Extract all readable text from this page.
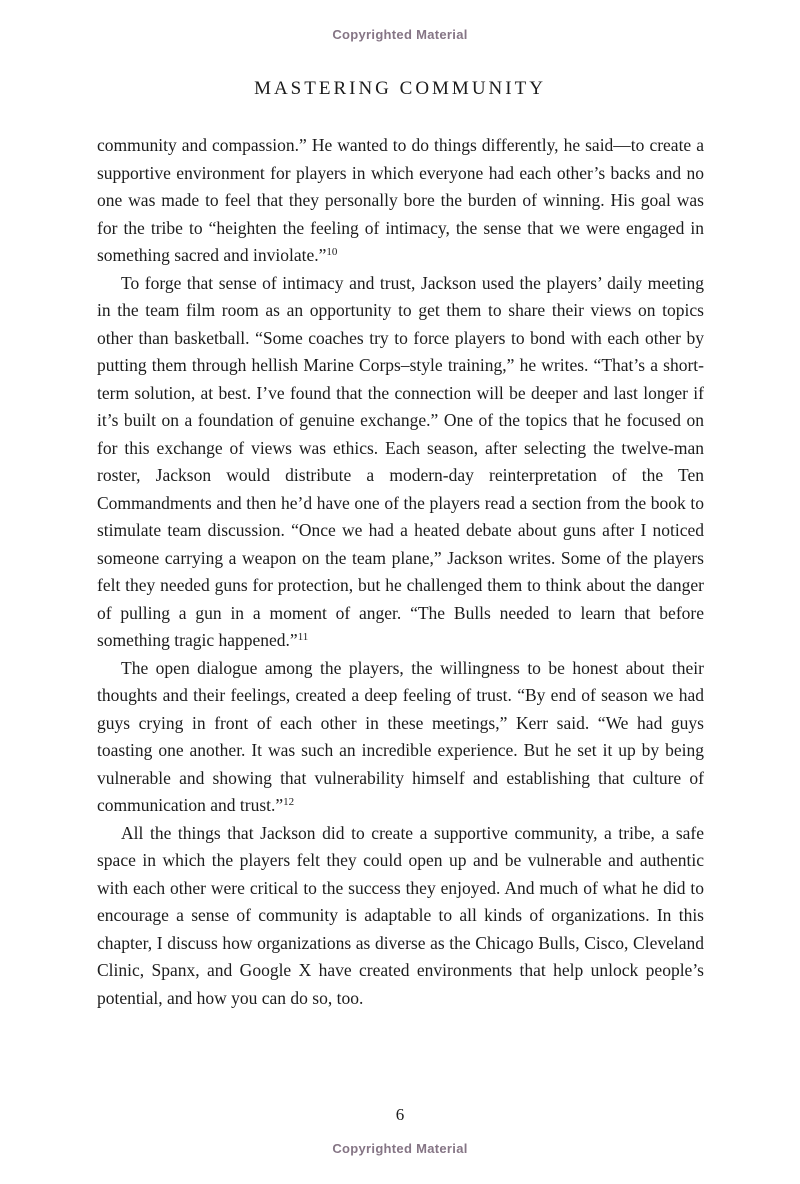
Copyrighted Material
MASTERING COMMUNITY

community and compassion.” He wanted to do things differently, he said—to create a supportive environment for players in which everyone had each other’s backs and no one was made to feel that they personally bore the burden of winning. His goal was for the tribe to “heighten the feeling of intimacy, the sense that we were engaged in something sacred and inviolate.”$^{10}$

To forge that sense of intimacy and trust, Jackson used the players’ daily meeting in the team film room as an opportunity to get them to share their views on topics other than basketball. “Some coaches try to force players to bond with each other by putting them through hellish Marine Corps–style training,” he writes. “That’s a short-term solution, at best. I’ve found that the connection will be deeper and last longer if it’s built on a foundation of genuine exchange.” One of the topics that he focused on for this exchange of views was ethics. Each season, after selecting the twelve-man roster, Jackson would distribute a modern-day reinterpretation of the Ten Commandments and then he’d have one of the players read a section from the book to stimulate team discussion. “Once we had a heated debate about guns after I noticed someone carrying a weapon on the team plane,” Jackson writes. Some of the players felt they needed guns for protection, but he challenged them to think about the danger of pulling a gun in a moment of anger. “The Bulls needed to learn that before something tragic happened.”$^{11}$

The open dialogue among the players, the willingness to be honest about their thoughts and their feelings, created a deep feeling of trust. “By end of season we had guys crying in front of each other in these meetings,” Kerr said. “We had guys toasting one another. It was such an incredible experience. But he set it up by being vulnerable and showing that vulnerability himself and establishing that culture of communication and trust.”$^{12}$

All the things that Jackson did to create a supportive community, a tribe, a safe space in which the players felt they could open up and be vulnerable and authentic with each other were critical to the success they enjoyed. And much of what he did to encourage a sense of community is adaptable to all kinds of organizations. In this chapter, I discuss how organizations as diverse as the Chicago Bulls, Cisco, Cleveland Clinic, Spanx, and Google X have created environments that help unlock people’s potential, and how you can do so, too.

6
Copyrighted Material
